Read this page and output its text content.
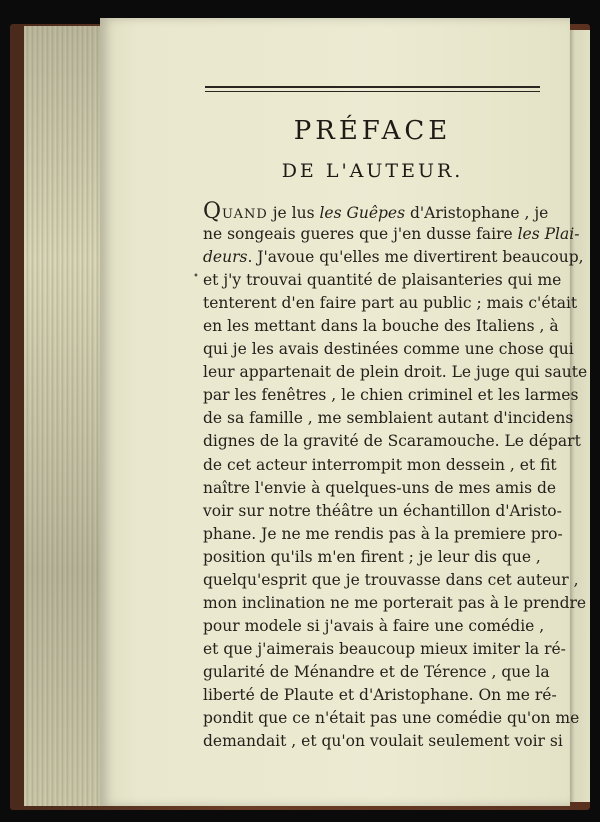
PRÉFACE
DE L'AUTEUR.
QUAND je lus les Guêpes d'Aristophane , je
ne songeais gueres que j'en dusse faire les Plai-
deurs. J'avoue qu'elles me divertirent beaucoup,
et j'y trouvai quantité de plaisanteries qui me
tenterent d'en faire part au public ; mais c'était
en les mettant dans la bouche des Italiens , à
qui je les avais destinées comme une chose qui
leur appartenait de plein droit. Le juge qui saute
par les fenêtres , le chien criminel et les larmes
de sa famille , me semblaient autant d'incidens
dignes de la gravité de Scaramouche. Le départ
de cet acteur interrompit mon dessein , et fit
naître l'envie à quelques-uns de mes amis de
voir sur notre théâtre un échantillon d'Aristo-
phane. Je ne me rendis pas à la premiere pro-
position qu'ils m'en firent ; je leur dis que ,
quelqu'esprit que je trouvasse dans cet auteur ,
mon inclination ne me porterait pas à le prendre
pour modele si j'avais à faire une comédie ,
et que j'aimerais beaucoup mieux imiter la ré-
gularité de Ménandre et de Térence , que la
liberté de Plaute et d'Aristophane. On me ré-
pondit que ce n'était pas une comédie qu'on me
demandait , et qu'on voulait seulement voir si
•
